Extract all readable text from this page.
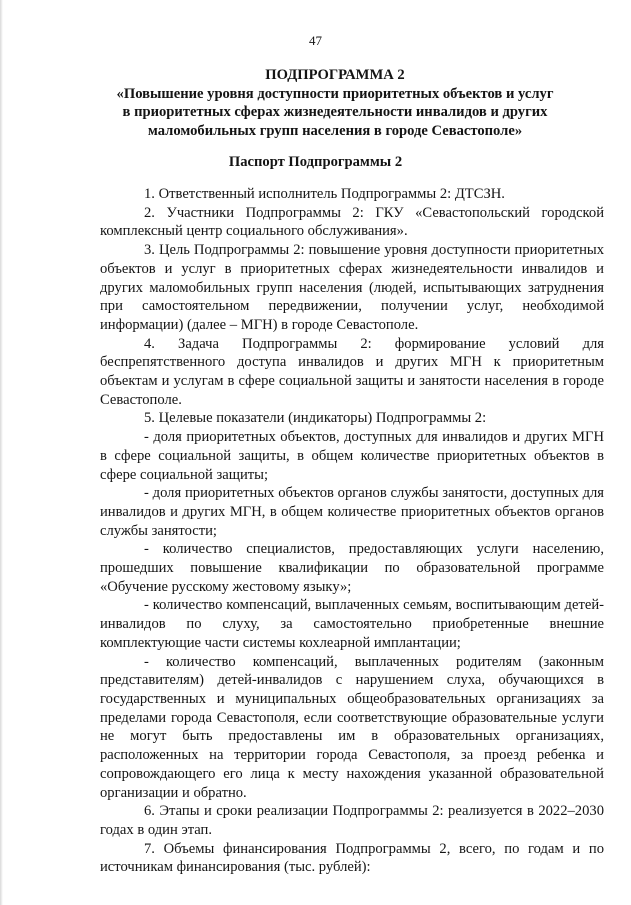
47
ПОДПРОГРАММА 2
«Повышение уровня доступности приоритетных объектов и услуг
в приоритетных сферах жизнедеятельности инвалидов и других
маломобильных групп населения в городе Севастополе»
Паспорт Подпрограммы 2

1. Ответственный исполнитель Подпрограммы 2: ДТСЗН.

2. Участники Подпрограммы 2: ГКУ «Севастопольский городской комплексный центр социального обслуживания».

3. Цель Подпрограммы 2: повышение уровня доступности приоритетных объектов и услуг в приоритетных сферах жизнедеятельности инвалидов и других маломобильных групп населения (людей, испытывающих затруднения при самостоятельном передвижении, получении услуг, необходимой информации) (далее – МГН) в городе Севастополе.

4. Задача Подпрограммы 2: формирование условий для беспрепятственного доступа инвалидов и других МГН к приоритетным объектам и услугам в сфере социальной защиты и занятости населения в городе Севастополе.

5. Целевые показатели (индикаторы) Подпрограммы 2:

- доля приоритетных объектов, доступных для инвалидов и других МГН в сфере социальной защиты, в общем количестве приоритетных объектов в сфере социальной защиты;

- доля приоритетных объектов органов службы занятости, доступных для инвалидов и других МГН, в общем количестве приоритетных объектов органов службы занятости;

- количество специалистов, предоставляющих услуги населению, прошедших повышение квалификации по образовательной программе «Обучение русскому жестовому языку»;

- количество компенсаций, выплаченных семьям, воспитывающим детей-инвалидов по слуху, за самостоятельно приобретенные внешние комплектующие части системы кохлеарной имплантации;

- количество компенсаций, выплаченных родителям (законным представителям) детей-инвалидов с нарушением слуха, обучающихся в государственных и муниципальных общеобразовательных организациях за пределами города Севастополя, если соответствующие образовательные услуги не могут быть предоставлены им в образовательных организациях, расположенных на территории города Севастополя, за проезд ребенка и сопровождающего его лица к месту нахождения указанной образовательной организации и обратно.

6. Этапы и сроки реализации Подпрограммы 2: реализуется в 2022–2030 годах в один этап.

7. Объемы финансирования Подпрограммы 2, всего, по годам и по источникам финансирования (тыс. рублей):
